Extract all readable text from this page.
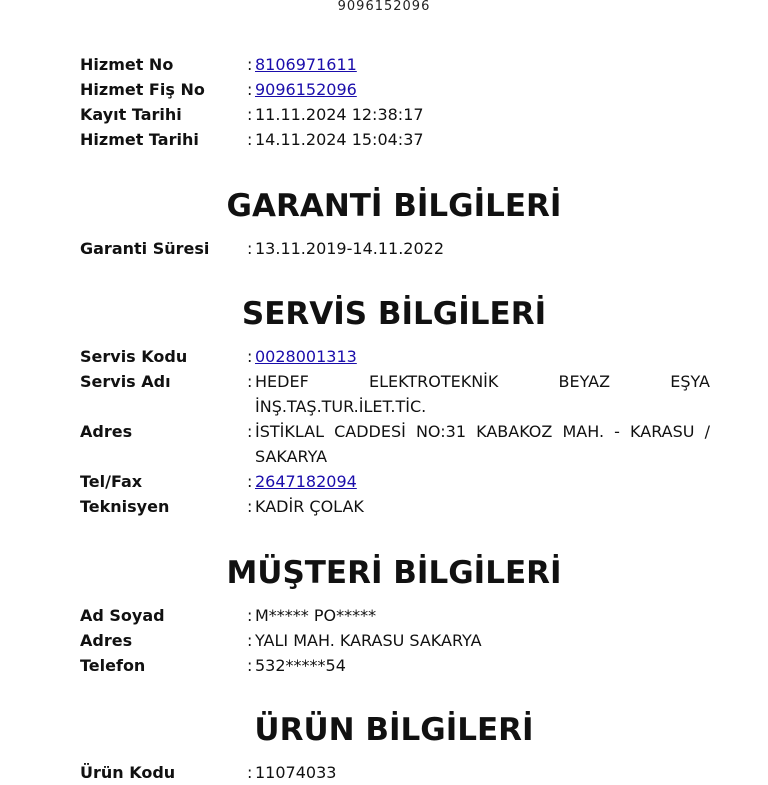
9096152096
Hizmet No	: 8106971611
Hizmet Fiş No	: 9096152096
Kayıt Tarihi	: 11.11.2024 12:38:17
Hizmet Tarihi	: 14.11.2024 15:04:37
GARANTİ BİLGİLERİ
Garanti Süresi	: 13.11.2019-14.11.2022
SERVİS BİLGİLERİ
Servis Kodu	: 0028001313
Servis Adı	: HEDEF ELEKTROTEKNİK BEYAZ EŞYA İNŞ.TAŞ.TUR.İLET.TİC.
Adres	: İSTİKLAL CADDESİ NO:31 KABAKOZ MAH. - KARASU / SAKARYA
Tel/Fax	: 2647182094
Teknisyen	: KADİR ÇOLAK
MÜŞTERİ BİLGİLERİ
Ad Soyad	: M***** PO*****
Adres	: YALI MAH. KARASU SAKARYA
Telefon	: 532*****54
ÜRÜN BİLGİLERİ
Ürün Kodu	: 11074033
